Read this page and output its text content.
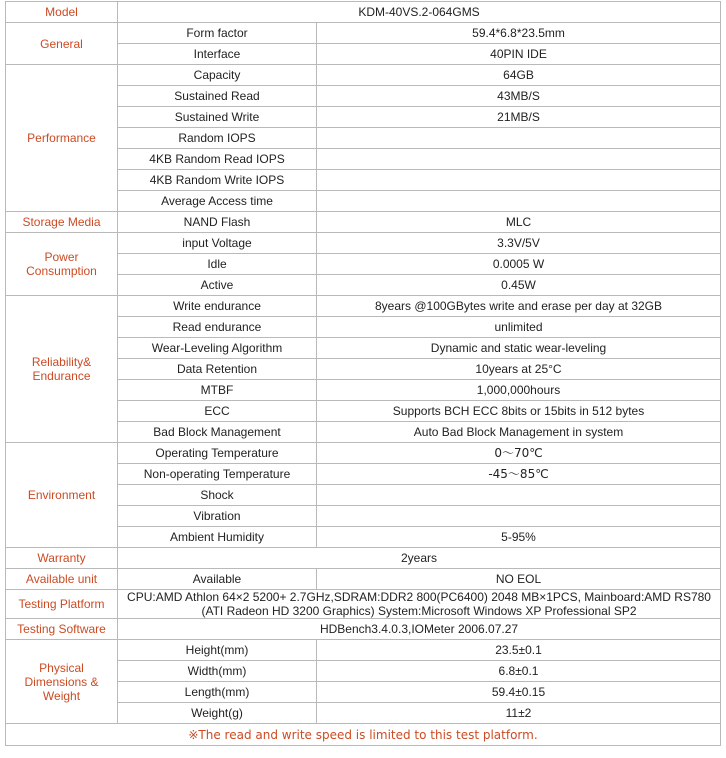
Model	KDM-40VS.2-064GMS	
General	Form factor	59.4*6.8*23.5mm
	Interface	40PIN IDE
Performance	Capacity	64GB
	Sustained Read	43MB/S
	Sustained Write	21MB/S
	Random IOPS	
	4KB Random Read IOPS	
	4KB Random Write IOPS	
	Average Access time	
Storage Media	NAND Flash	MLC
Power
Consumption	input Voltage	3.3V/5V
	Idle	0.0005 W
	Active	0.45W
Reliability&
Endurance	Write endurance	8years @100GBytes write and erase per day at 32GB
	Read endurance	unlimited
	Wear-Leveling Algorithm	Dynamic and static wear-leveling
	Data Retention	10years at 25°C
	MTBF	1,000,000hours
	ECC	Supports BCH ECC 8bits or 15bits in 512 bytes
	Bad Block Management	Auto Bad Block Management in system
Environment	Operating Temperature	0～70℃
	Non-operating Temperature	-45～85℃
	Shock	
	Vibration	
	Ambient Humidity	5-95%
Warranty	2years	
Available unit	Available	NO EOL
Testing Platform	CPU:AMD Athlon 64×2 5200+ 2.7GHz,SDRAM:DDR2 800(PC6400) 2048 MB×1PCS, Mainboard:AMD RS780
(ATI Radeon HD 3200 Graphics) System:Microsoft Windows XP Professional SP2	
Testing Software	HDBench3.4.0.3,IOMeter 2006.07.27	
Physical
Dimensions &
Weight	Height(mm)	23.5±0.1
	Width(mm)	6.8±0.1
	Length(mm)	59.4±0.15
	Weight(g)	11±2
※The read and write speed is limited to this test platform.		
